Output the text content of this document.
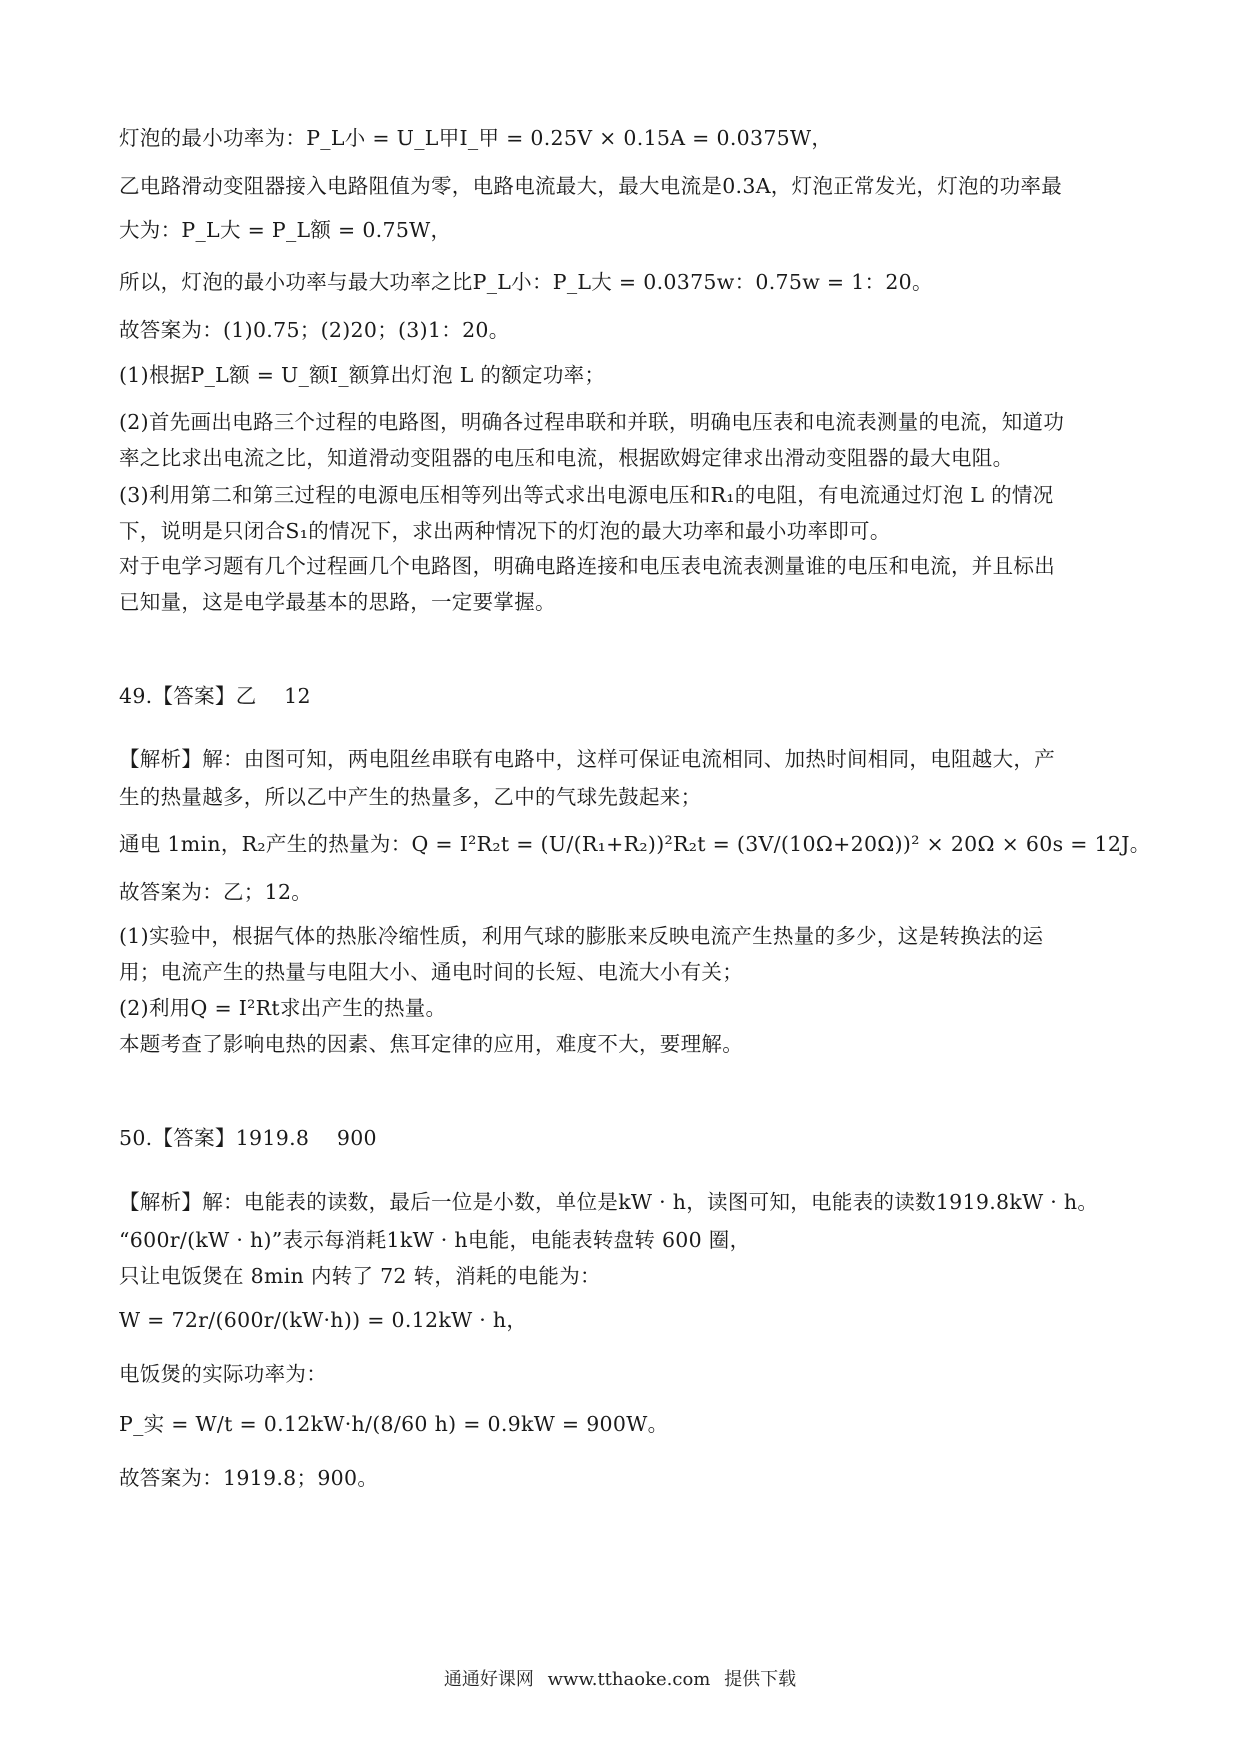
灯泡的最小功率为：P_L小 = U_L甲I_甲 = 0.25V × 0.15A = 0.0375W，
乙电路滑动变阻器接入电路阻值为零，电路电流最大，最大电流是0.3A，灯泡正常发光，灯泡的功率最
大为：P_L大 = P_L额 = 0.75W，
所以，灯泡的最小功率与最大功率之比P_L小：P_L大 = 0.0375w：0.75w = 1：20。
故答案为：(1)0.75；(2)20；(3)1：20。
(1)根据P_L额 = U_额I_额算出灯泡 L 的额定功率；
(2)首先画出电路三个过程的电路图，明确各过程串联和并联，明确电压表和电流表测量的电流，知道功
率之比求出电流之比，知道滑动变阻器的电压和电流，根据欧姆定律求出滑动变阻器的最大电阻。
(3)利用第二和第三过程的电源电压相等列出等式求出电源电压和R₁的电阻，有电流通过灯泡 L 的情况
下，说明是只闭合S₁的情况下，求出两种情况下的灯泡的最大功率和最小功率即可。
对于电学习题有几个过程画几个电路图，明确电路连接和电压表电流表测量谁的电压和电流，并且标出
已知量，这是电学最基本的思路，一定要掌握。
49.【答案】乙　 12
【解析】解：由图可知，两电阻丝串联有电路中，这样可保证电流相同、加热时间相同，电阻越大，产
生的热量越多，所以乙中产生的热量多，乙中的气球先鼓起来；
通电 1min，R₂产生的热量为：Q = I²R₂t = (U/(R₁+R₂))²R₂t = (3V/(10Ω+20Ω))² × 20Ω × 60s = 12J。
故答案为：乙；12。
(1)实验中，根据气体的热胀冷缩性质，利用气球的膨胀来反映电流产生热量的多少，这是转换法的运
用；电流产生的热量与电阻大小、通电时间的长短、电流大小有关；
(2)利用Q = I²Rt求出产生的热量。
本题考查了影响电热的因素、焦耳定律的应用，难度不大，要理解。
50.【答案】1919.8　 900
【解析】解：电能表的读数，最后一位是小数，单位是kW · h，读图可知，电能表的读数1919.8kW · h。
“600r/(kW · h)”表示每消耗1kW · h电能，电能表转盘转 600 圈，
只让电饭煲在 8min 内转了 72 转，消耗的电能为：
W = 72r/(600r/(kW·h)) = 0.12kW · h，
电饭煲的实际功率为：
P_实 = W/t = 0.12kW·h/(8/60 h) = 0.9kW = 900W。
故答案为：1919.8；900。
通通好课网 www.tthaoke.com 提供下载
